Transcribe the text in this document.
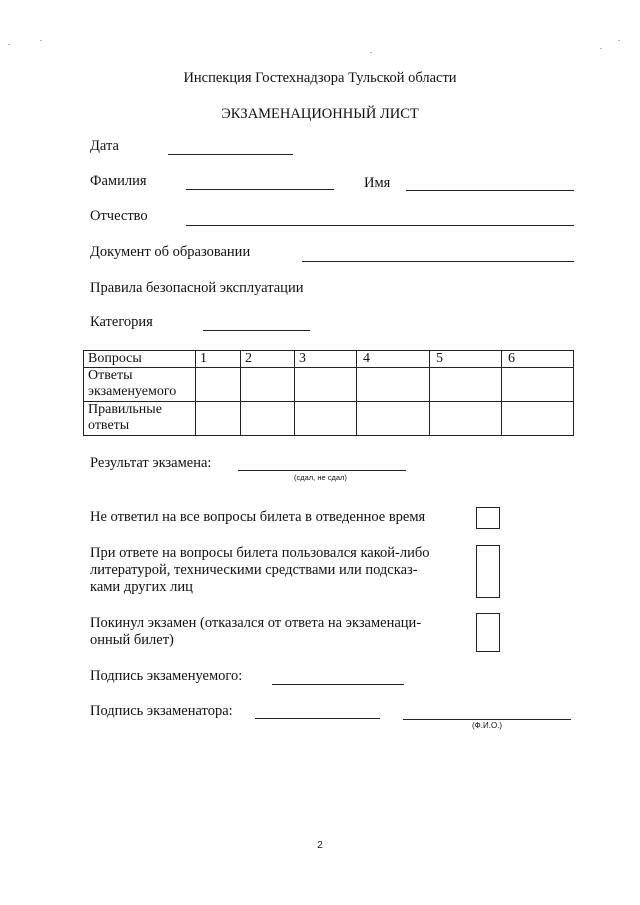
Инспекция Гостехнадзора Тульской области
ЭКЗАМЕНАЦИОННЫЙ ЛИСТ
Дата
Фамилия	Имя
Отчество
Документ об образовании
Правила безопасной эксплуатации
Категория
Вопросы	1	2	3	4	5	6
Ответы экзаменуемого						
Правильные ответы						
Результат экзамена:
(сдал, не сдал)
Не ответил на все вопросы билета в отведенное время
При ответе на вопросы билета пользовался какой-либо
литературой, техническими средствами или подсказ-
ками других лиц
Покинул экзамен (отказался от ответа на экзаменаци-
онный билет)
Подпись экзаменуемого:
Подпись экзаменатора:
(Ф.И.О.)
2
